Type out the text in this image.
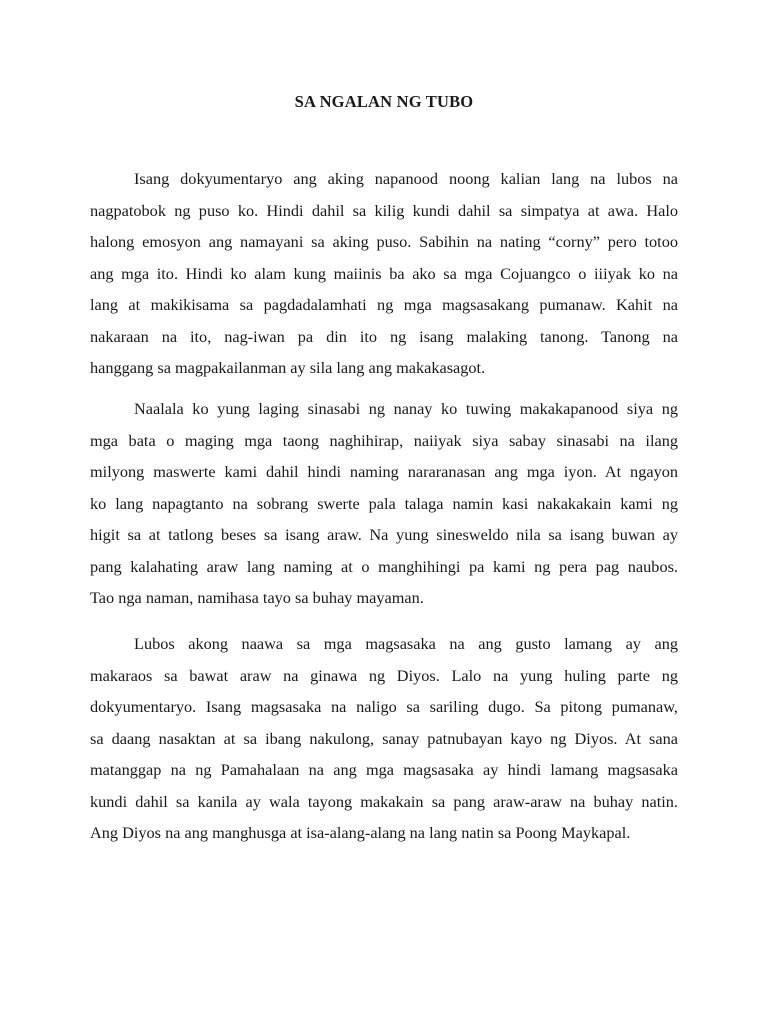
SA NGALAN NG TUBO
Isang dokyumentaryo ang aking napanood noong kalian lang na lubos na
nagpatobok ng puso ko. Hindi dahil sa kilig kundi dahil sa simpatya at awa. Halo
halong emosyon ang namayani sa aking puso. Sabihin na nating “corny” pero totoo
ang mga ito. Hindi ko alam kung maiinis ba ako sa mga Cojuangco o iiiyak ko na
lang at makikisama sa pagdadalamhati ng mga magsasakang pumanaw. Kahit na
nakaraan na ito, nag-iwan pa din ito ng isang malaking tanong. Tanong na
hanggang sa magpakailanman ay sila lang ang makakasagot.
Naalala ko yung laging sinasabi ng nanay ko tuwing makakapanood siya ng
mga bata o maging mga taong naghihirap, naiiyak siya sabay sinasabi na ilang
milyong maswerte kami dahil hindi naming nararanasan ang mga iyon. At ngayon
ko lang napagtanto na sobrang swerte pala talaga namin kasi nakakakain kami ng
higit sa at tatlong beses sa isang araw. Na yung sineswe​ldo nila sa isang buwan ay
pang kalahating araw lang naming at o manghihingi pa kami ng pera pag naubos.
Tao nga naman, namihasa tayo sa buhay mayaman.
Lubos akong naawa sa mga magsasaka na ang gusto lamang ay ang
makaraos sa bawat araw na ginawa ng Diyos. Lalo na yung huling parte ng
dokyumentaryo. Isang magsasaka na naligo sa sariling dugo. Sa pitong pumanaw,
sa daang nasaktan at sa ibang nakulong, sanay patnubayan kayo ng Diyos. At sana
matanggap na ng Pamahalaan na ang mga magsasaka ay hindi lamang magsasaka
kundi dahil sa kanila ay wala tayong makakain sa pang araw-araw na buhay natin.
Ang Diyos na ang manghusga at isa-alang-alang na lang natin sa Poong Maykapal.
